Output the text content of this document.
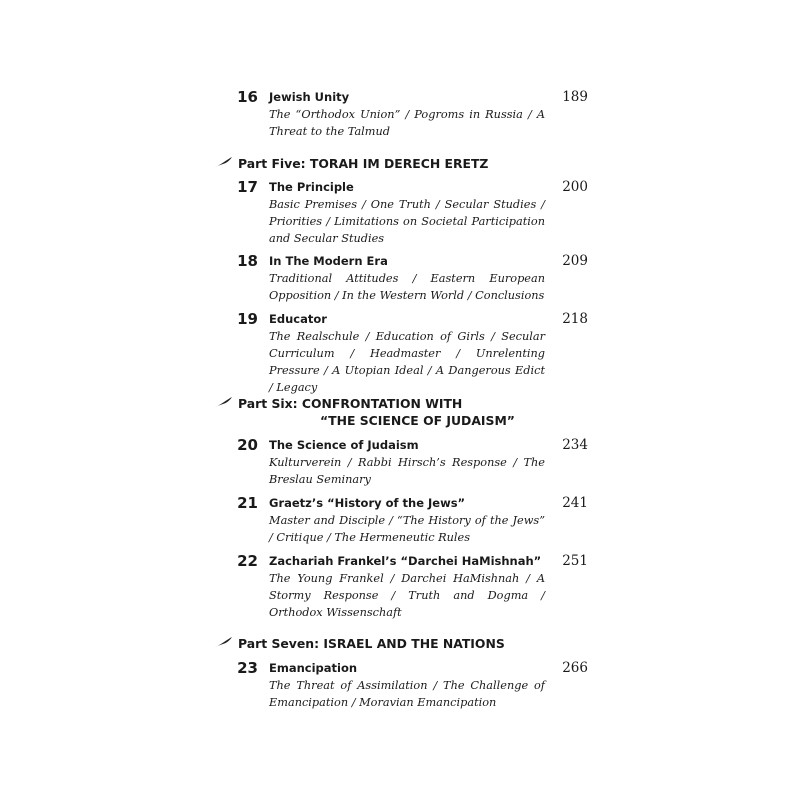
16 Jewish Unity	189
The “Orthodox Union” / Pogroms in Russia / A Threat to the Talmud
Part Five: TORAH IM DERECH ERETZ
17 The Principle	200
Basic Premises / One Truth / Secular Studies / Priorities / Limitations on Societal Participation and Secular Studies
18 In The Modern Era	209
Traditional Attitudes / Eastern European Opposition / In the Western World / Conclusions
19 Educator	218
The Realschule / Education of Girls / Secular Curriculum / Headmaster / Unrelenting Pressure / A Utopian Ideal / A Dangerous Edict / Legacy
Part Six: CONFRONTATION WITH
“THE SCIENCE OF JUDAISM”
20 The Science of Judaism	234
Kulturverein / Rabbi Hirsch’s Response / The Breslau Seminary
21 Graetz’s “History of the Jews”	241
Master and Disciple / “The History of the Jews” / Critique / The Hermeneutic Rules
22 Zachariah Frankel’s “Darchei HaMishnah” 251
The Young Frankel / Darchei HaMishnah / A Stormy Response / Truth and Dogma / Orthodox Wissenschaft
Part Seven: ISRAEL AND THE NATIONS
23 Emancipation	266
The Threat of Assimilation / The Challenge of Emancipation / Moravian Emancipation
